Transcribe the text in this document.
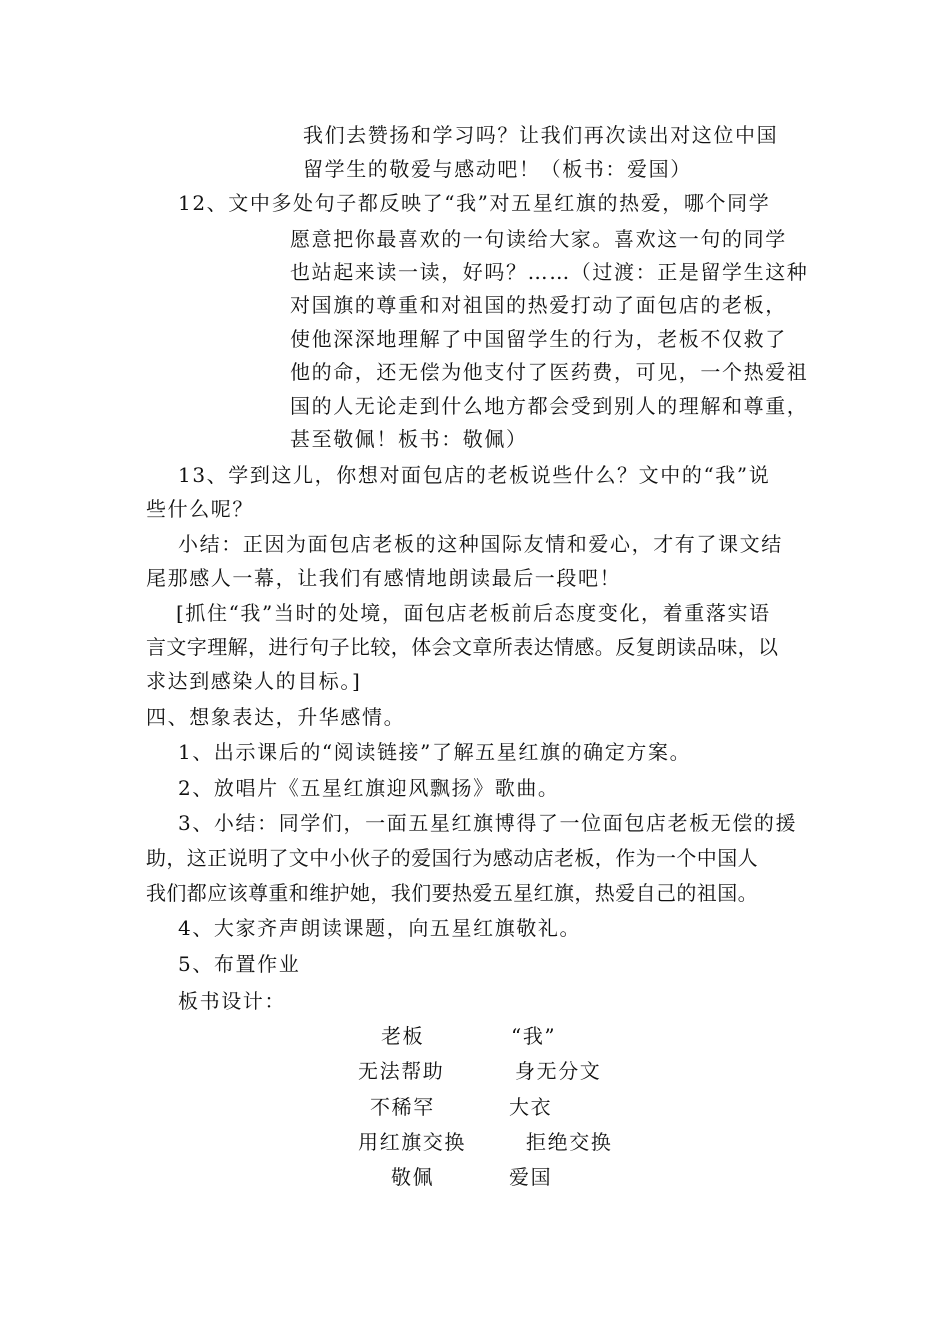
我们去赞扬和学习吗？让我们再次读出对这位中国
留学生的敬爱与感动吧！（板书：爱国）
12、文中多处句子都反映了“我”对五星红旗的热爱，哪个同学
愿意把你最喜欢的一句读给大家。喜欢这一句的同学
也站起来读一读，好吗？……（过渡：正是留学生这种
对国旗的尊重和对祖国的热爱打动了面包店的老板，
使他深深地理解了中国留学生的行为，老板不仅救了
他的命，还无偿为他支付了医药费，可见，一个热爱祖
国的人无论走到什么地方都会受到别人的理解和尊重，
甚至敬佩！板书：敬佩）
13、学到这儿，你想对面包店的老板说些什么？文中的“我”说
些什么呢？
小结：正因为面包店老板的这种国际友情和爱心，才有了课文结
尾那感人一幕，让我们有感情地朗读最后一段吧！
[抓住“我”当时的处境，面包店老板前后态度变化，着重落实语
言文字理解，进行句子比较，体会文章所表达情感。反复朗读品味，以
求达到感染人的目标。]
四、想象表达，升华感情。
1、出示课后的“阅读链接”了解五星红旗的确定方案。
2、放唱片《五星红旗迎风飘扬》歌曲。
3、小结：同学们，一面五星红旗博得了一位面包店老板无偿的援
助，这正说明了文中小伙子的爱国行为感动店老板，作为一个中国人
我们都应该尊重和维护她，我们要热爱五星红旗，热爱自己的祖国。
4、大家齐声朗读课题，向五星红旗敬礼。
5、布置作业
板书设计：
老板	“我”
无法帮助	身无分文
不稀罕	大衣
用红旗交换	拒绝交换
敬佩	爱国
